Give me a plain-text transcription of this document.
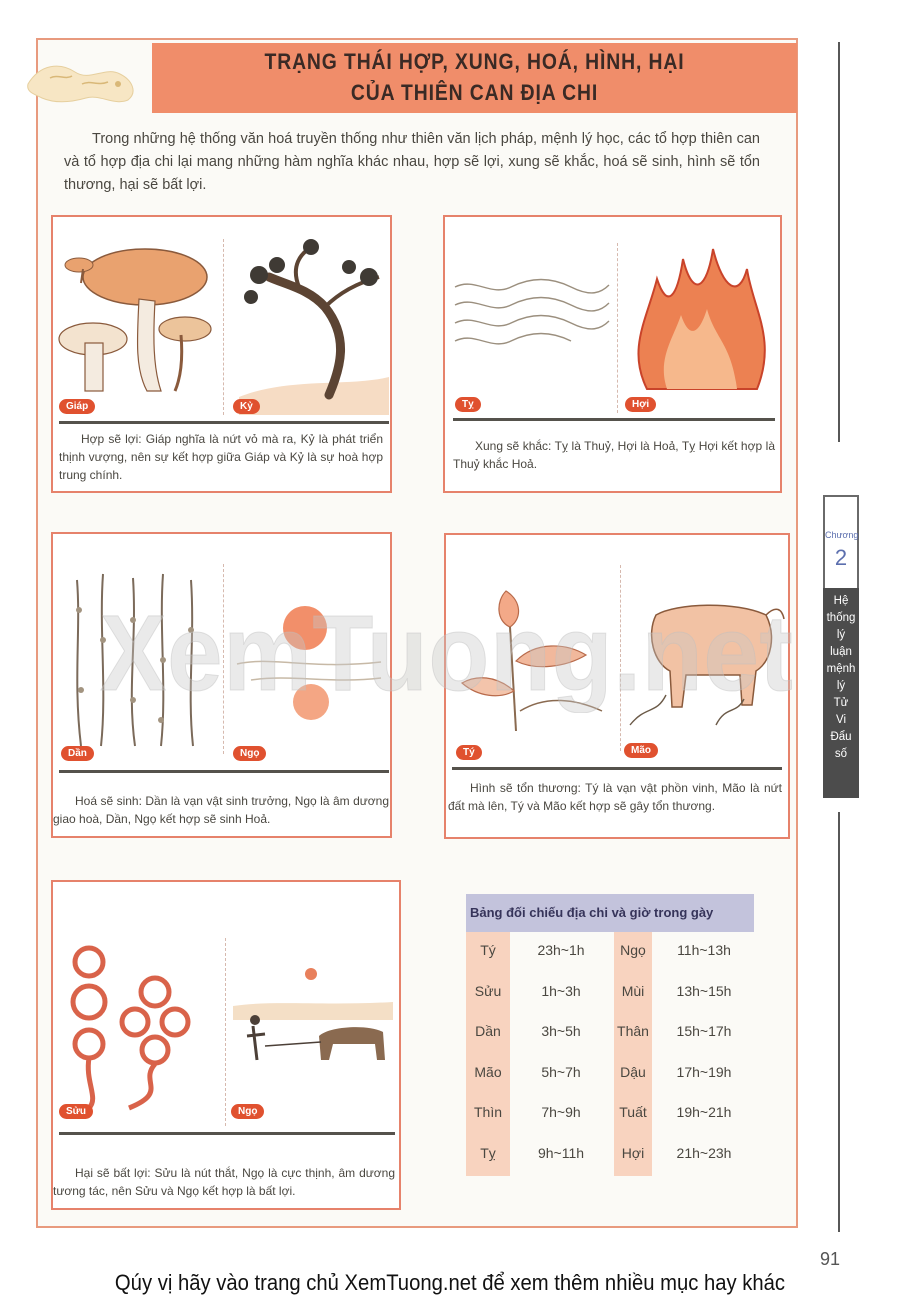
TRẠNG THÁI HỢP, XUNG, HOÁ, HÌNH, HẠI
CỦA THIÊN CAN ĐỊA CHI

Trong những hệ thống văn hoá truyền thống như thiên văn lịch pháp, mệnh lý học, các tổ hợp thiên can và tổ hợp địa chi lại mang những hàm nghĩa khác nhau, hợp sẽ lợi, xung sẽ khắc, hoá sẽ sinh, hình sẽ tổn thương, hại sẽ bất lợi.

Giáp	Kỷ

Hợp sẽ lợi: Giáp nghĩa là nứt vỏ mà ra, Kỷ là phát triển thịnh vượng, nên sự kết hợp giữa Giáp và Kỷ là sự hoà hợp trung chính.

Tỵ	Hợi

Xung sẽ khắc: Tỵ là Thuỷ, Hợi là Hoả, Tỵ Hợi kết hợp là Thuỷ khắc Hoả.

Dần	Ngọ

Hoá sẽ sinh: Dần là vạn vật sinh trưởng, Ngọ là âm dương giao hoà, Dần, Ngọ kết hợp sẽ sinh Hoả.

Tý	Mão

Hình sẽ tổn thương: Tý là vạn vật phồn vinh, Mão là nứt đất mà lên, Tý và Mão kết hợp sẽ gây tổn thương.

Sửu	Ngọ

Hại sẽ bất lợi: Sửu là nút thắt, Ngọ là cực thịnh, âm dương tương tác, nên Sửu và Ngọ kết hợp là bất lợi.

XemTuong.net
Bảng đối chiếu địa chi và giờ trong gày
Tý	23h~1h	Ngọ	11h~13h
Sửu	1h~3h	Mùi	13h~15h
Dần	3h~5h	Thân	15h~17h
Mão	5h~7h	Dậu	17h~19h
Thìn	7h~9h	Tuất	19h~21h
Tỵ	9h~11h	Hợi	21h~23h
Chương
2
Hệ
thống
lý
luận
mệnh
lý
Tử
Vi
Đẩu
số
91
Qúy vị hãy vào trang chủ XemTuong.net để xem thêm nhiều mục hay khác
